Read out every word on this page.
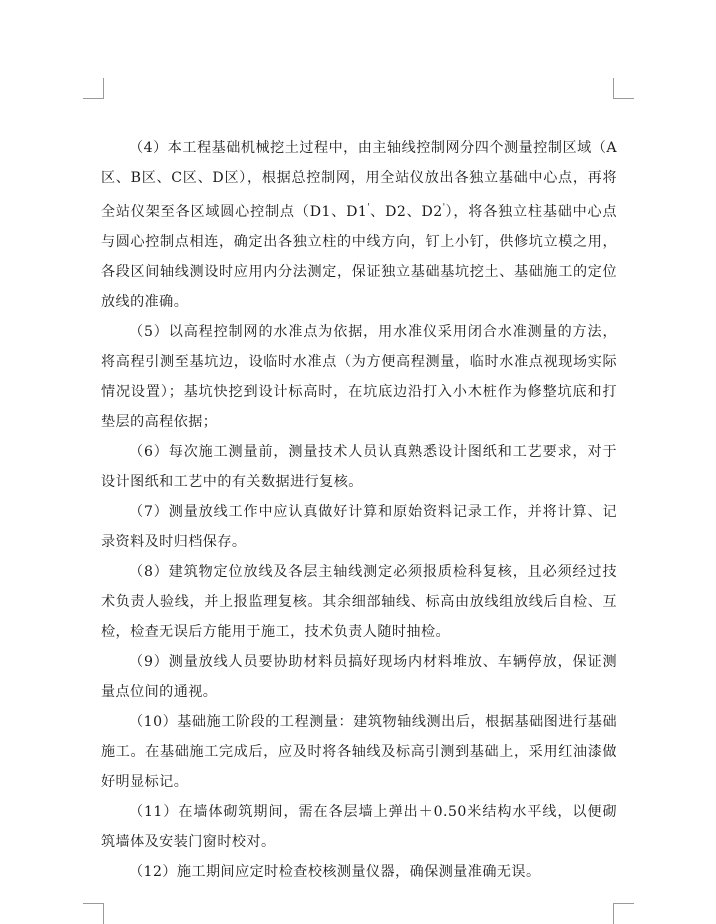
（4）本工程基础机械挖土过程中，由主轴线控制网分四个测量控制区域（A区、B区、C区、D区），根据总控制网，用全站仪放出各独立基础中心点，再将全站仪架至各区域圆心控制点（D1、D1'、D2、D2'），将各独立柱基础中心点与圆心控制点相连，确定出各独立柱的中线方向，钉上小钉，供修坑立模之用，各段区间轴线测设时应用内分法测定，保证独立基础基坑挖土、基础施工的定位放线的准确。

（5）以高程控制网的水准点为依据，用水准仪采用闭合水准测量的方法，将高程引测至基坑边，设临时水准点（为方便高程测量，临时水准点视现场实际情况设置）；基坑快挖到设计标高时，在坑底边沿打入小木桩作为修整坑底和打垫层的高程依据；

（6）每次施工测量前，测量技术人员认真熟悉设计图纸和工艺要求，对于设计图纸和工艺中的有关数据进行复核。

（7）测量放线工作中应认真做好计算和原始资料记录工作，并将计算、记录资料及时归档保存。

（8）建筑物定位放线及各层主轴线测定必须报质检科复核，且必须经过技术负责人验线，并上报监理复核。其余细部轴线、标高由放线组放线后自检、互检，检查无误后方能用于施工，技术负责人随时抽检。

（9）测量放线人员要协助材料员搞好现场内材料堆放、车辆停放，保证测量点位间的通视。

（10）基础施工阶段的工程测量：建筑物轴线测出后，根据基础图进行基础施工。在基础施工完成后，应及时将各轴线及标高引测到基础上，采用红油漆做好明显标记。

（11）在墙体砌筑期间，需在各层墙上弹出＋0.50米结构水平线，以便砌筑墙体及安装门窗时校对。

（12）施工期间应定时检查校核测量仪器，确保测量准确无误。
